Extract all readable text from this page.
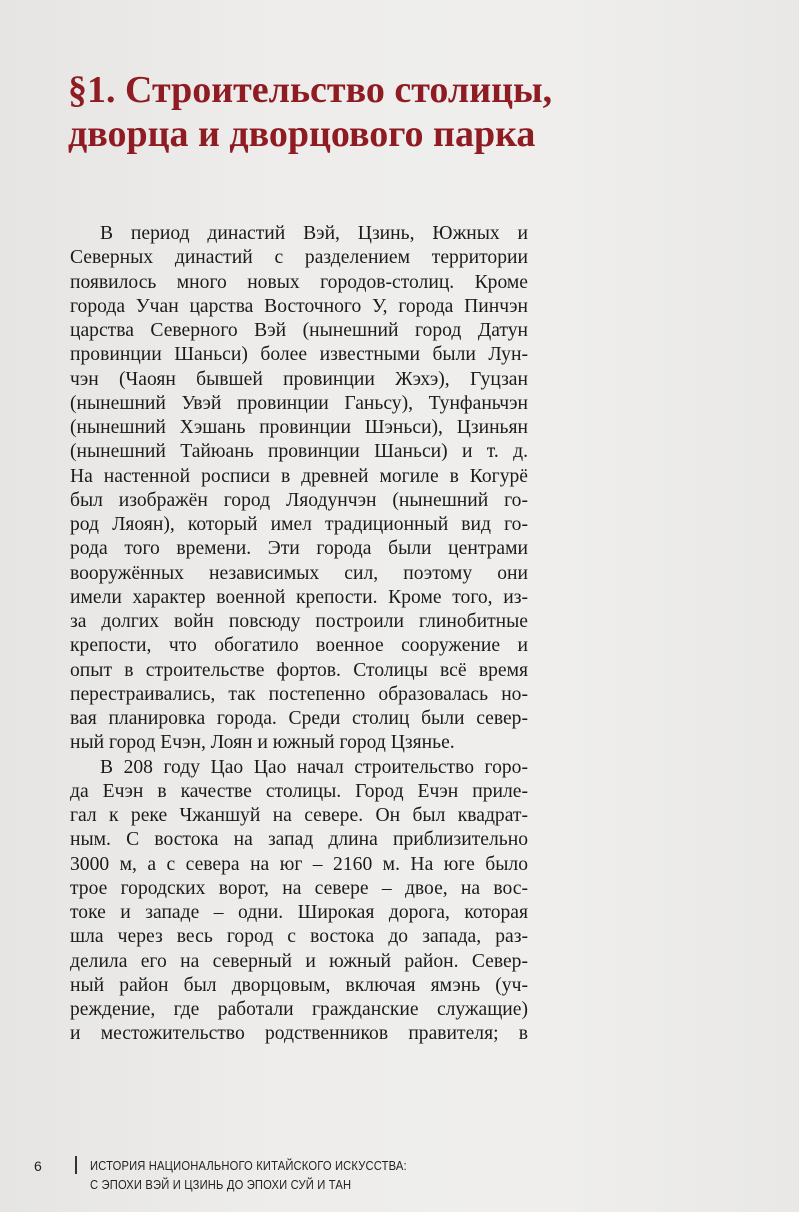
§1. Строительство столицы,
дворца и дворцового парка
В период династий Вэй, Цзинь, Южных и
Северных династий с разделением территории
появилось много новых городов-столиц. Кроме
города Учан царства Восточного У, города Пинчэн
царства Северного Вэй (нынешний город Датун
провинции Шаньси) более известными были Лун-
чэн (Чаоян бывшей провинции Жэхэ), Гуцзан
(нынешний Увэй провинции Ганьсу), Тунфаньчэн
(нынешний Хэшань провинции Шэньси), Цзиньян
(нынешний Тайюань провинции Шаньси) и т. д.
На настенной росписи в древней могиле в Когурё
был изображён город Ляодунчэн (нынешний го-
род Ляоян), который имел традиционный вид го-
рода того времени. Эти города были центрами
вооружённых независимых сил, поэтому они
имели характер военной крепости. Кроме того, из-
за долгих войн повсюду построили глинобитные
крепости, что обогатило военное сооружение и
опыт в строительстве фортов. Столицы всё время
перестраивались, так постепенно образовалась но-
вая планировка города. Среди столиц были север-
ный город Ечэн, Лоян и южный город Цзянье.
В 208 году Цао Цао начал строительство горо-
да Ечэн в качестве столицы. Город Ечэн приле-
гал к реке Чжаншуй на севере. Он был квадрат-
ным. С востока на запад длина приблизительно
3000 м, а с севера на юг – 2160 м. На юге было
трое городских ворот, на севере – двое, на вос-
токе и западе – одни. Широкая дорога, которая
шла через весь город с востока до запада, раз-
делила его на северный и южный район. Север-
ный район был дворцовым, включая ямэнь (уч-
реждение, где работали гражданские служащие)
и местожительство родственников правителя; в
6	ИСТОРИЯ НАЦИОНАЛЬНОГО КИТАЙСКОГО ИСКУССТВА:
С ЭПОХИ ВЭЙ И ЦЗИНЬ ДО ЭПОХИ СУЙ И ТАН
